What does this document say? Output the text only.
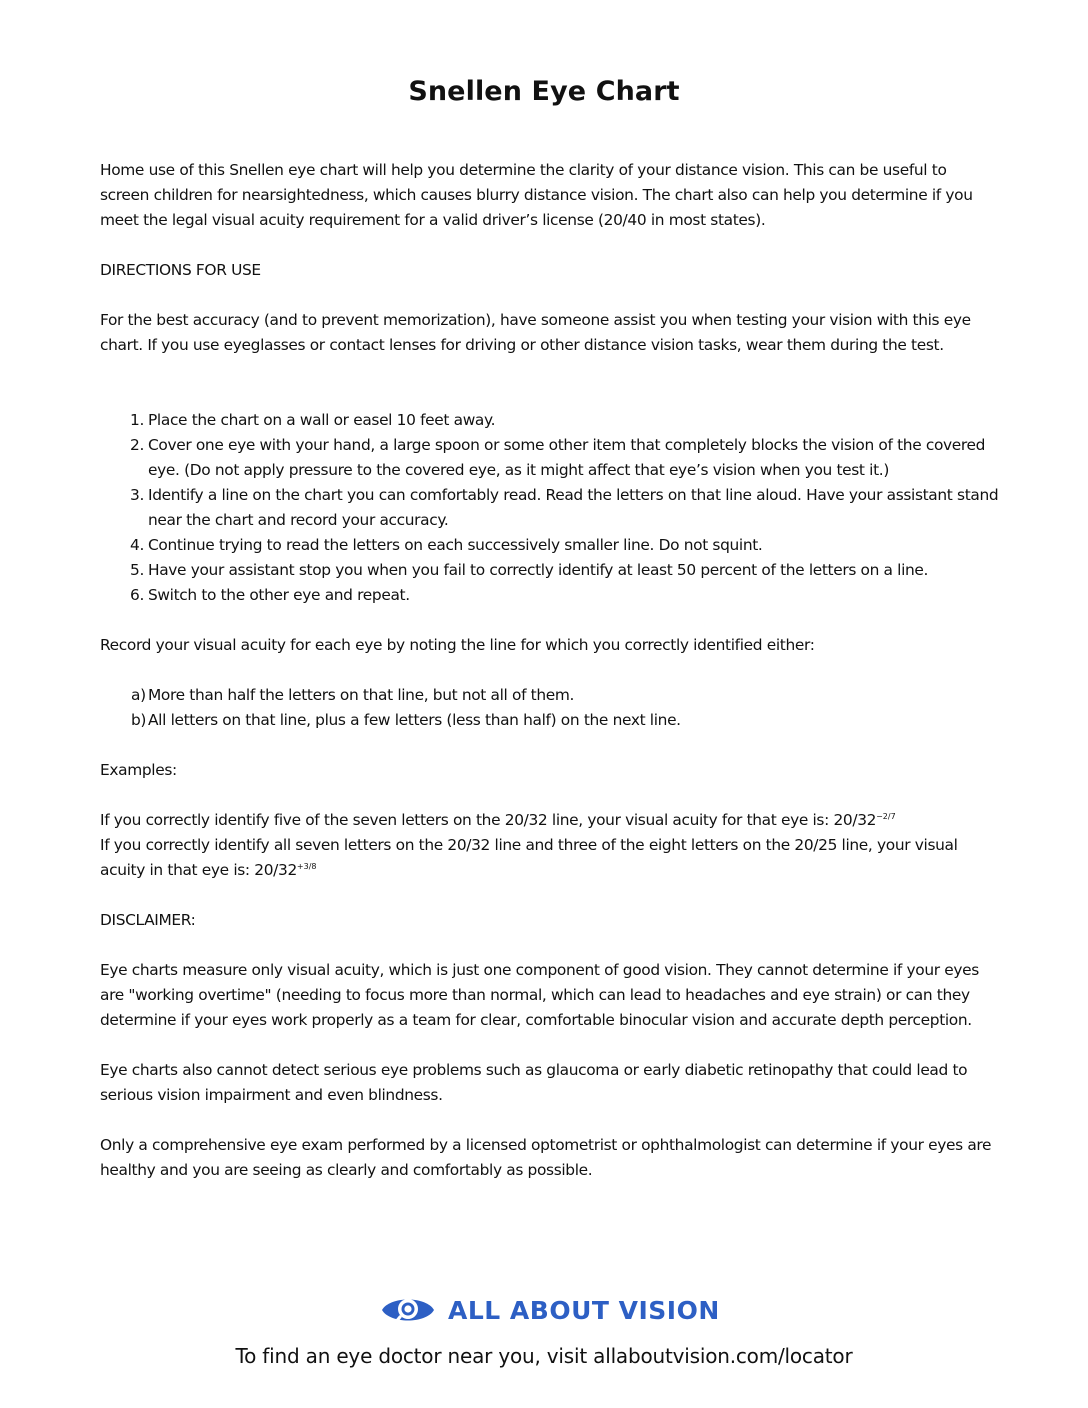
Snellen Eye Chart

Home use of this Snellen eye chart will help you determine the clarity of your distance vision. This can be useful to screen children for nearsightedness, which causes blurry distance vision. The chart also can help you determine if you meet the legal visual acuity requirement for a valid driver’s license (20/40 in most states).

DIRECTIONS FOR USE

For the best accuracy (and to prevent memorization), have someone assist you when testing your vision with this eye chart. If you use eyeglasses or contact lenses for driving or other distance vision tasks, wear them during the test.

1. Place the chart on a wall or easel 10 feet away.
2. Cover one eye with your hand, a large spoon or some other item that completely blocks the vision of the covered eye. (Do not apply pressure to the covered eye, as it might affect that eye’s vision when you test it.)
3. Identify a line on the chart you can comfortably read. Read the letters on that line aloud. Have your assistant stand near the chart and record your accuracy.
4. Continue trying to read the letters on each successively smaller line. Do not squint.
5. Have your assistant stop you when you fail to correctly identify at least 50 percent of the letters on a line.
6. Switch to the other eye and repeat.

Record your visual acuity for each eye by noting the line for which you correctly identified either:

a) More than half the letters on that line, but not all of them.
b) All letters on that line, plus a few letters (less than half) on the next line.

Examples:

If you correctly identify five of the seven letters on the 20/32 line, your visual acuity for that eye is: $20/32^{-2/7}$
If you correctly identify all seven letters on the 20/32 line and three of the eight letters on the 20/25 line, your visual acuity in that eye is: $20/32^{+3/8}$

DISCLAIMER:

Eye charts measure only visual acuity, which is just one component of good vision. They cannot determine if your eyes are "working overtime" (needing to focus more than normal, which can lead to headaches and eye strain) or can they determine if your eyes work properly as a team for clear, comfortable binocular vision and accurate depth perception.

Eye charts also cannot detect serious eye problems such as glaucoma or early diabetic retinopathy that could lead to serious vision impairment and even blindness.

Only a comprehensive eye exam performed by a licensed optometrist or ophthalmologist can determine if your eyes are healthy and you are seeing as clearly and comfortably as possible.

ALL ABOUT VISION
To find an eye doctor near you, visit allaboutvision.com/locator
